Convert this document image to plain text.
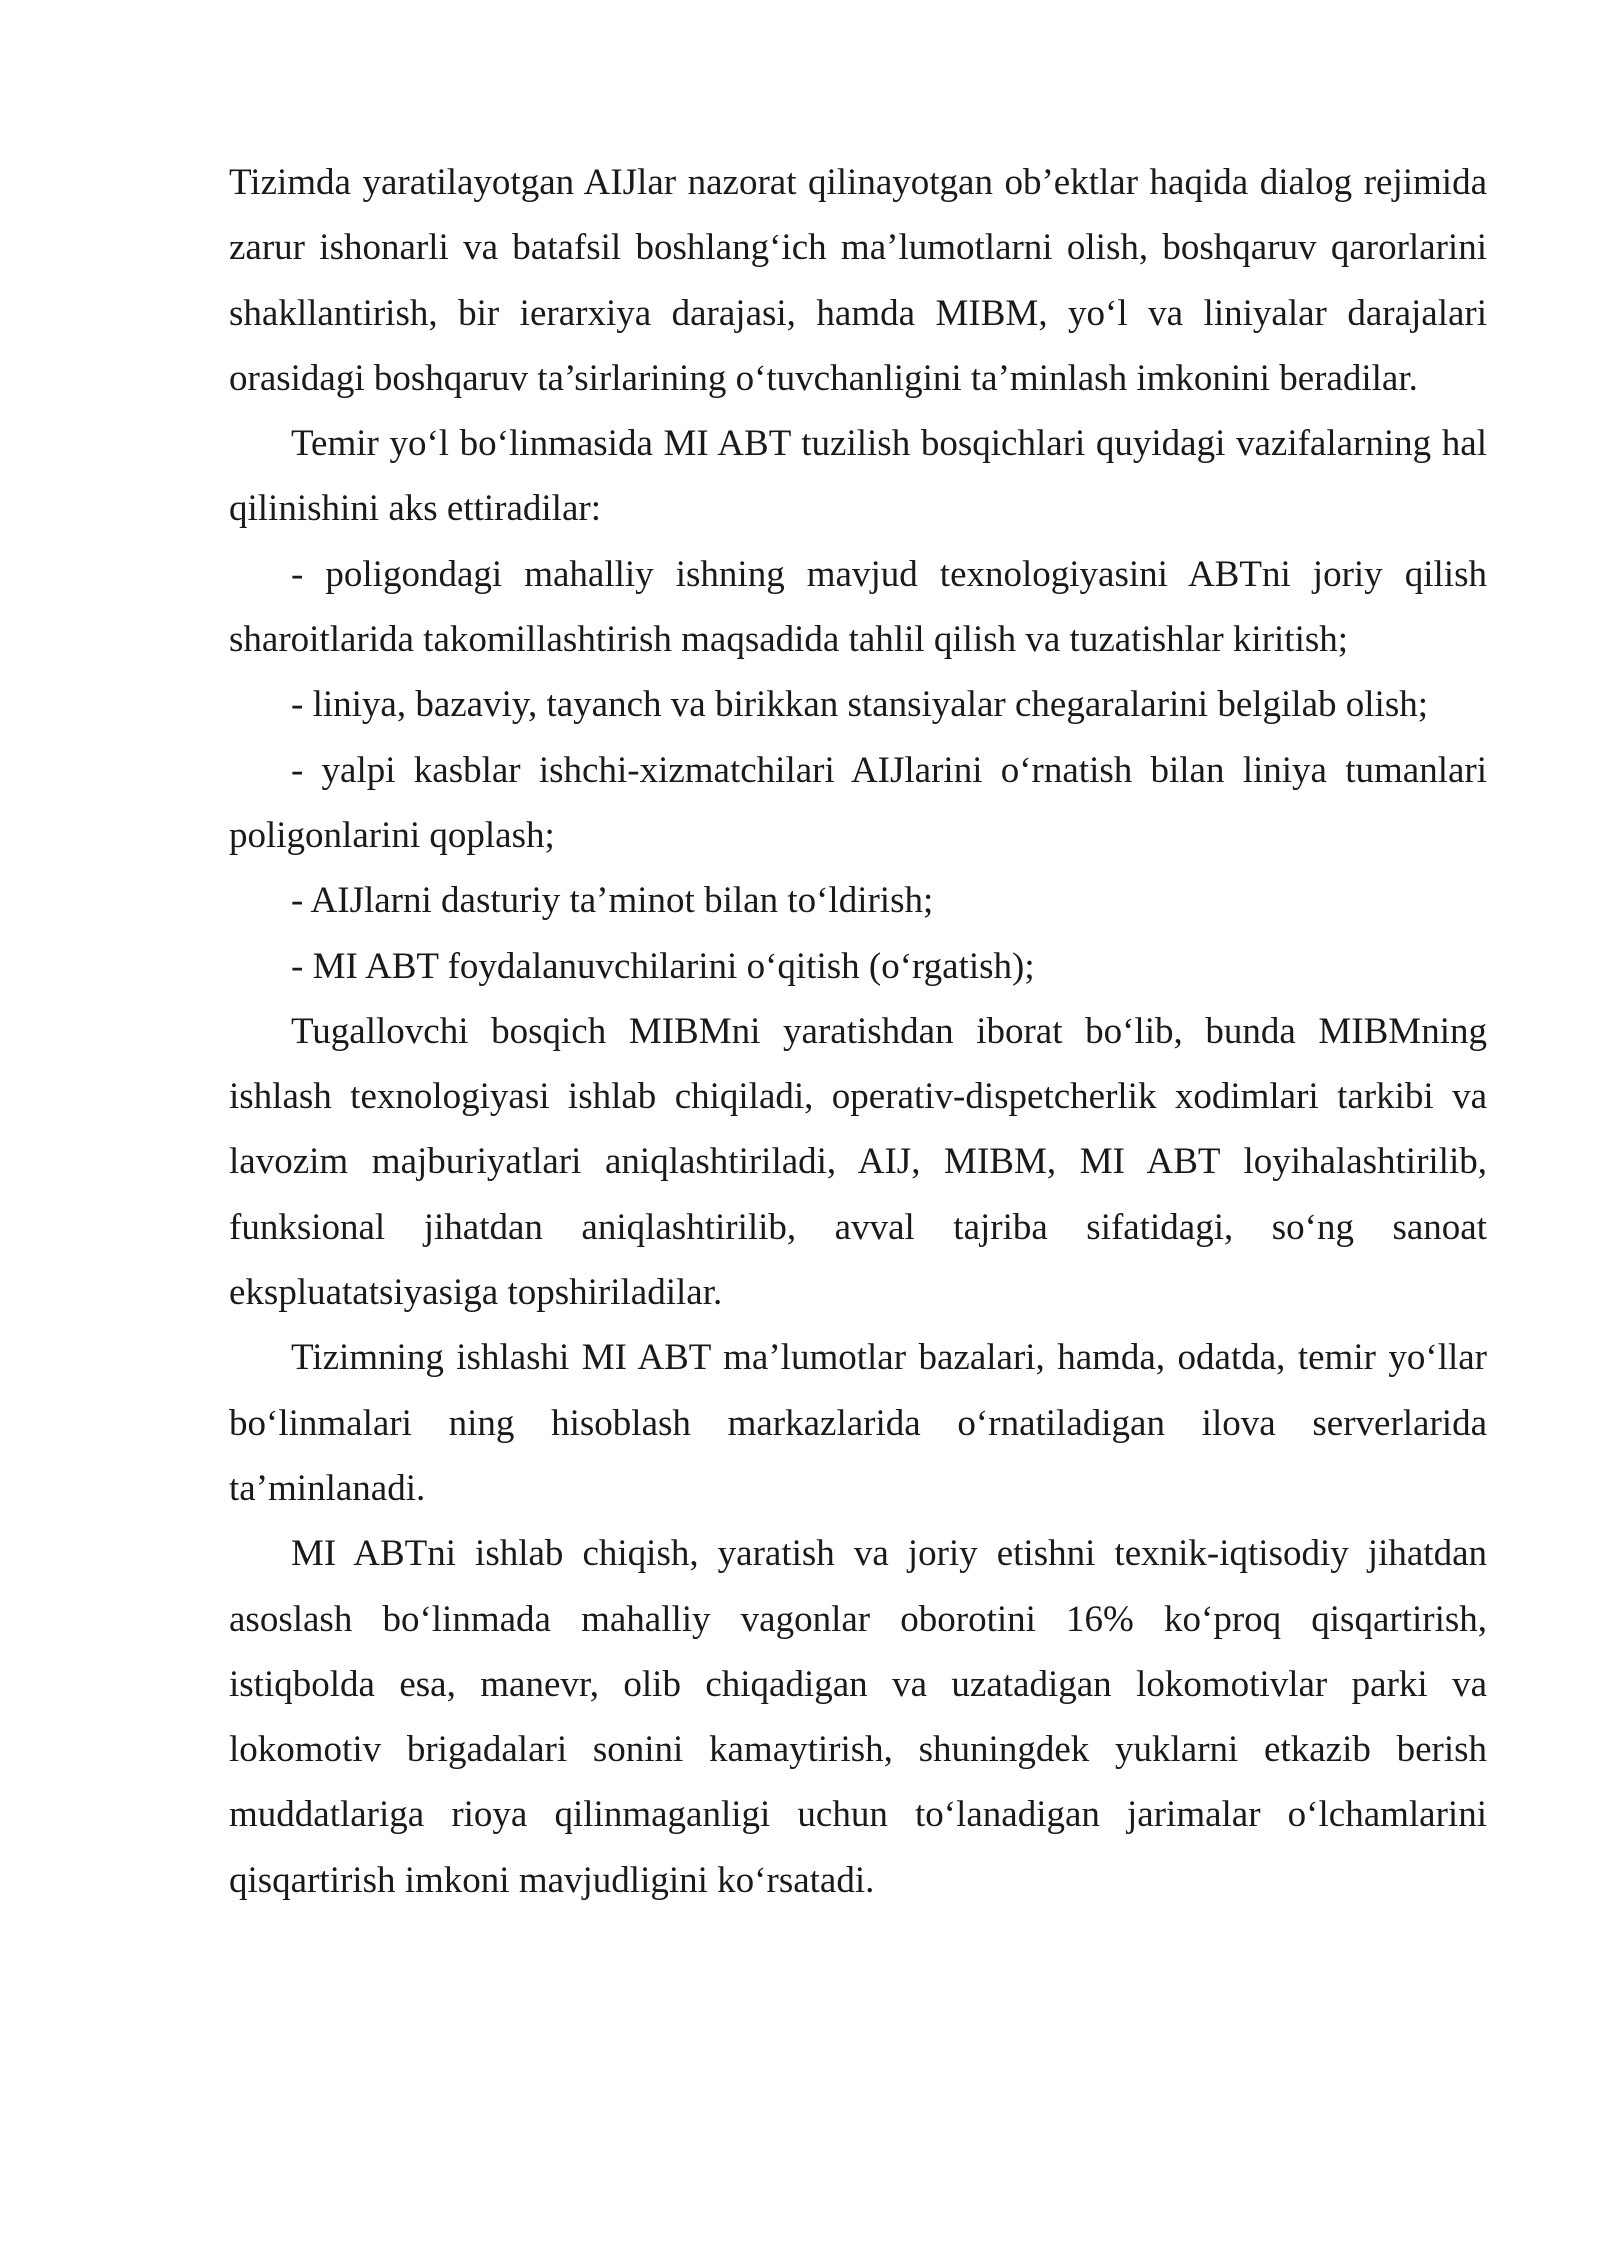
Tizimda yaratilayotgan AIJlar nazorat qilinayotgan ob’ektlar haqida dialog rejimida zarur ishonarli va batafsil boshlang‘ich ma’lumotlarni olish, boshqaruv qarorlarini shakllantirish, bir ierarxiya darajasi, hamda MIBM, yo‘l va liniyalar darajalari orasidagi boshqaruv ta’sirlarining o‘tuvchanligini ta’minlash imkonini beradilar.

Temir yo‘l bo‘linmasida MI ABT tuzilish bosqichlari quyidagi vazifalarning hal qilinishini aks ettiradilar:

- poligondagi mahalliy ishning mavjud texnologiyasini ABTni joriy qilish sharoitlarida takomillashtirish maqsadida tahlil qilish va tuzatishlar kiritish;

- liniya, bazaviy, tayanch va birikkan stansiyalar chegaralarini belgilab olish;

- yalpi kasblar ishchi-xizmatchilari AIJlarini o‘rnatish bilan liniya tumanlari poligonlarini qoplash;

- AIJlarni dasturiy ta’minot bilan to‘ldirish;

- MI ABT foydalanuvchilarini o‘qitish (o‘rgatish);

Tugallovchi bosqich MIBMni yaratishdan iborat bo‘lib, bunda MIBMning ishlash texnologiyasi ishlab chiqiladi, operativ-dispetcherlik xodimlari tarkibi va lavozim majburiyatlari aniqlashtiriladi, AIJ, MIBM, MI ABT loyihalashtirilib, funksional jihatdan aniqlashtirilib, avval tajriba sifatidagi, so‘ng sanoat ekspluatatsiyasiga topshiriladilar.

Tizimning ishlashi MI ABT ma’lumotlar bazalari, hamda, odatda, temir yo‘llar bo‘linmalari ning hisoblash markazlarida o‘rnatiladigan ilova serverlarida ta’minlanadi.

MI ABTni ishlab chiqish, yaratish va joriy etishni texnik-iqtisodiy jihatdan asoslash bo‘linmada mahalliy vagonlar oborotini 16% ko‘proq qisqartirish, istiqbolda esa, manevr, olib chiqadigan va uzatadigan lokomotivlar parki va lokomotiv brigadalari sonini kamaytirish, shuningdek yuklarni etkazib berish muddatlariga rioya qilinmaganligi uchun to‘lanadigan jarimalar o‘lchamlarini qisqartirish imkoni mavjudligini ko‘rsatadi.
